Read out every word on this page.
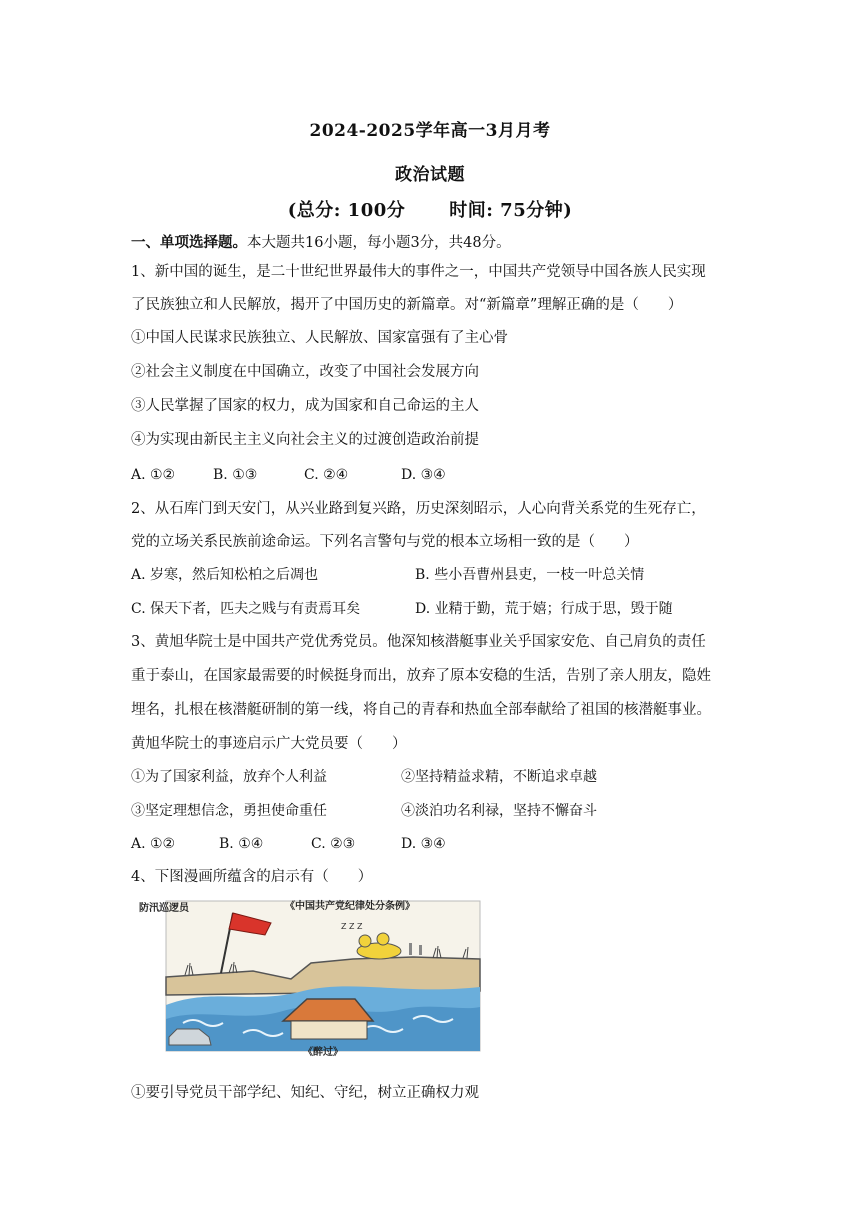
2024-2025学年高一3月月考
政治试题
(总分: 100分 时间: 75分钟)
一、单项选择题。本大题共16小题，每小题3分，共48分。
1、新中国的诞生，是二十世纪世界最伟大的事件之一，中国共产党领导中国各族人民实现
了民族独立和人民解放，揭开了中国历史的新篇章。对“新篇章”理解正确的是（　　）
①中国人民谋求民族独立、人民解放、国家富强有了主心骨
②社会主义制度在中国确立，改变了中国社会发展方向
③人民掌握了国家的权力，成为国家和自己命运的主人
④为实现由新民主主义向社会主义的过渡创造政治前提
A. ①②	B. ①③	C. ②④	D. ③④
2、从石库门到天安门，从兴业路到复兴路，历史深刻昭示，人心向背关系党的生死存亡，
党的立场关系民族前途命运。下列名言警句与党的根本立场相一致的是（　　）
A. 岁寒，然后知松柏之后凋也	B. 些小吾曹州县吏，一枝一叶总关情
C. 保天下者，匹夫之贱与有责焉耳矣	D. 业精于勤，荒于嬉；行成于思，毁于随
3、黄旭华院士是中国共产党优秀党员。他深知核潜艇事业关乎国家安危、自己肩负的责任
重于泰山，在国家最需要的时候挺身而出，放弃了原本安稳的生活，告别了亲人朋友，隐姓
埋名，扎根在核潜艇研制的第一线，将自己的青春和热血全部奉献给了祖国的核潜艇事业。
黄旭华院士的事迹启示广大党员要（　　）
①为了国家利益，放弃个人利益	②坚持精益求精，不断追求卓越
③坚定理想信念，勇担使命重任	④淡泊功名利禄，坚持不懈奋斗
A. ①②	B. ①④	C. ②③	D. ③④
4、下图漫画所蕴含的启示有（　　）
防汛巡逻员	《中国共产党纪律处分条例》
Z Z Z
《醉过》
①要引导党员干部学纪、知纪、守纪，树立正确权力观
